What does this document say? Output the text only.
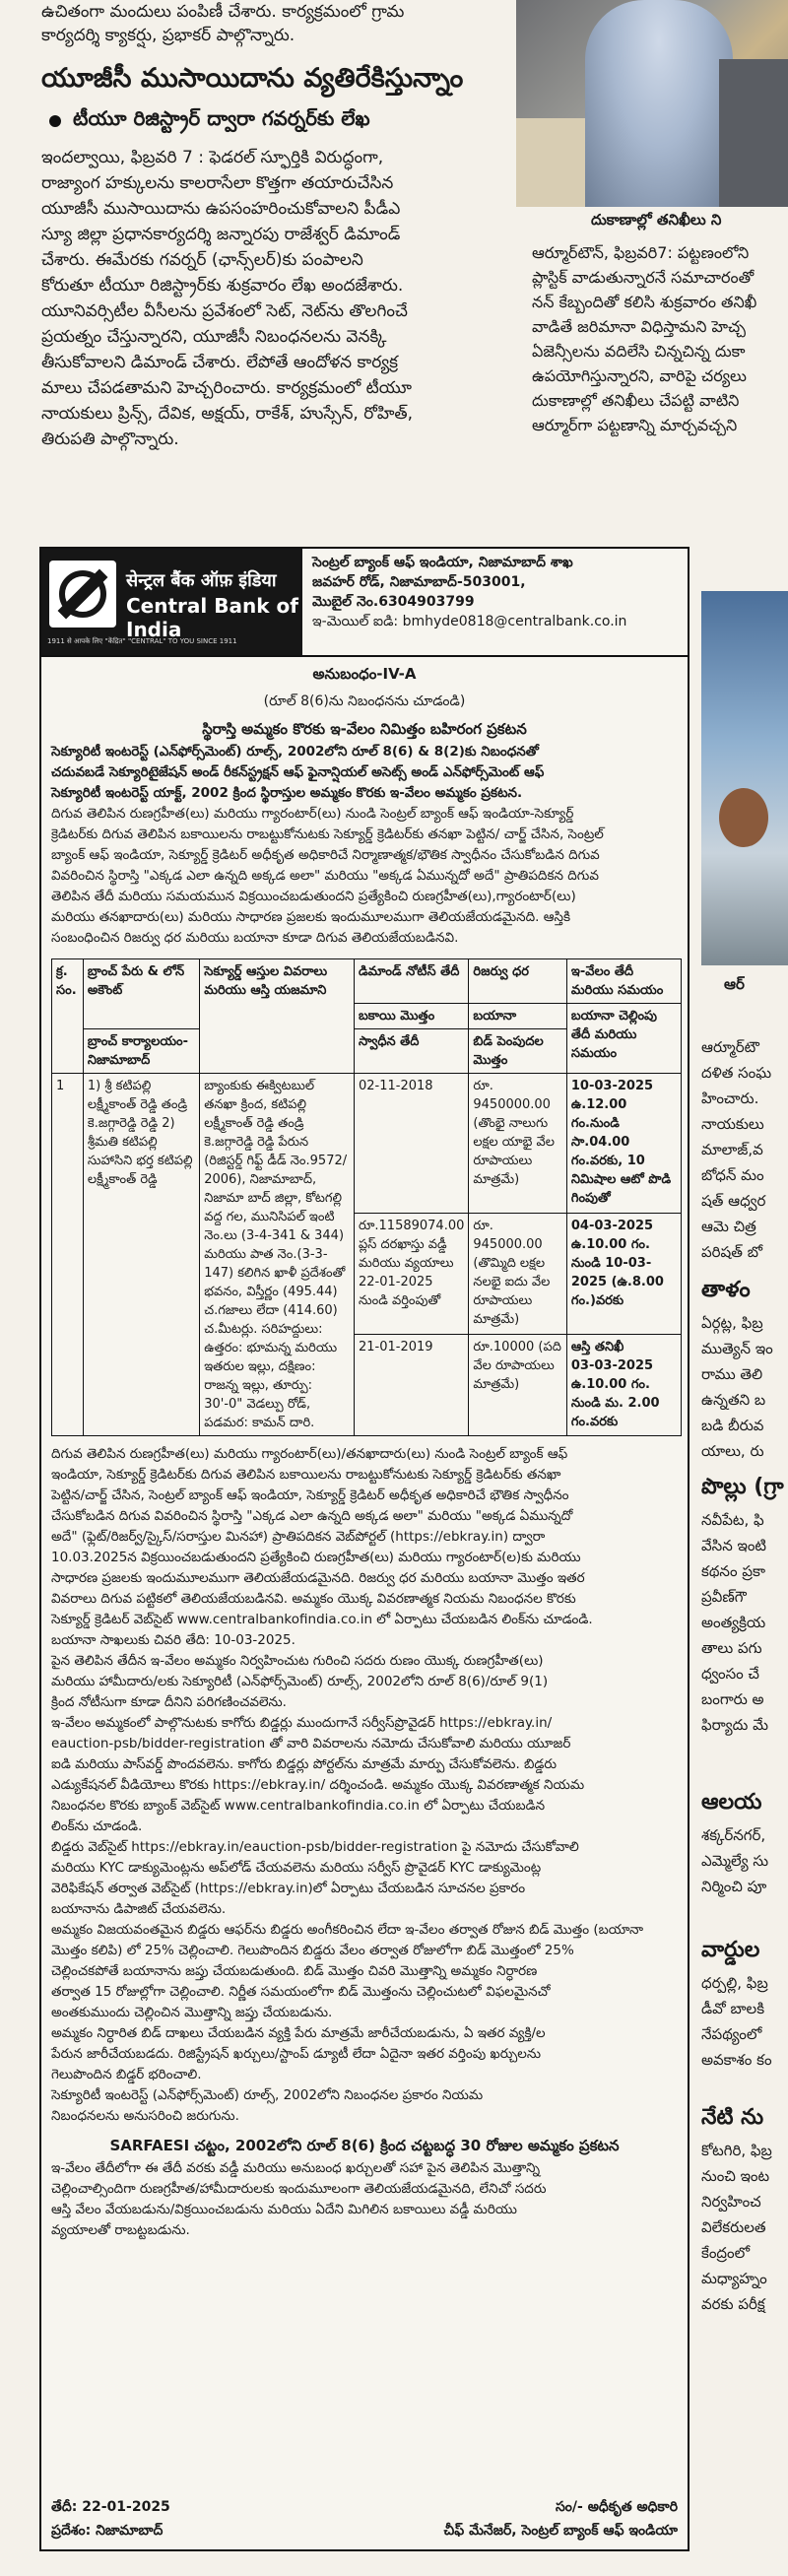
ఉచితంగా మందులు పంపిణీ చేశారు. కార్యక్రమంలో గ్రామ
కార్యదర్శి క్యాకర్షు, ప్రభాకర్ పాల్గొన్నారు.
యూజీసీ ముసాయిదాను వ్యతిరేకిస్తున్నాం
టీయూ రిజిస్ట్రార్ ద్వారా గవర్నర్‌కు లేఖ
ఇందల్వాయి, ఫిబ్రవరి 7 : ఫెడరల్ స్ఫూర్తికి విరుద్ధంగా,
రాజ్యాంగ హక్కులను కాలరాసేలా కొత్తగా తయారుచేసిన
యూజీసీ ముసాయిదాను ఉపసంహరించుకోవాలని పీడీఎ
స్యూ జిల్లా ప్రధానకార్యదర్శి జన్నారపు రాజేశ్వర్ డిమాండ్
చేశారు. ఈమేరకు గవర్నర్ (ఛాన్స్‌లర్)కు పంపాలని
కోరుతూ టీయూ రిజిస్ట్రార్‌కు శుక్రవారం లేఖ అందజేశారు.
యూనివర్సిటీల వీసీలను ప్రవేశంలో సెట్, నెట్‌ను తొలగించే
ప్రయత్నం చేస్తున్నారని, యూజీసీ నిబంధనలను వెనక్కి
తీసుకోవాలని డిమాండ్ చేశారు. లేపోతే ఆందోళన కార్యక్ర
మాలు చేపడతామని హెచ్చరించారు. కార్యక్రమంలో టీయూ
నాయకులు ప్రిన్స్, దేవిక, అక్షయ్, రాకేశ్, హుస్సేన్, రోహిత్,
తిరుపతి పాల్గొన్నారు.
దుకాణాల్లో తనిఖీలు ని
ఆర్మూర్‌టౌన్, ఫిబ్రవరి7: పట్టణంలోని
ప్లాస్టిక్ వాడుతున్నారనే సమాచారంతో
నన్ కేబ్బందితో కలిసి శుక్రవారం తనిఖీ
వాడితే జరిమానా విధిస్తామని హెచ్చ
ఏజెన్సీలను వదిలేసి చిన్నచిన్న దుకా
ఉపయోగిస్తున్నారని, వారిపై చర్యలు
దుకాణాల్లో తనిఖీలు చేపట్టి వాటిని
ఆర్మూర్‌గా పట్టణాన్ని మార్చవచ్చని
ఆర్
ఆర్మూర్‌టౌ
దళిత సంఘ
హించారు.
నాయకులు
మాలాజ్,వ
బోధన్ మం
షత్ ఆధ్వర
ఆమె చిత్ర
పరిషత్ బో
తాళం
ఏర్గట్ల, ఫిబ్ర
ముత్యెన్ ఇం
రాము తెలి
ఉన్నతని బ
బడి బీరువ
యాలు, రు
పొల్లు (గ్రా
నవీపేట, ఫి
వేసిన ఇంటి
కథనం ప్రకా
ప్రవీణ్‌గౌ
అంత్యక్రియ
తాలు పగు
ధ్వంసం చే
బంగారు అ
ఫిర్యాదు మే
ఆలయ
శక్కర్‌నగర్,
ఎమ్మెల్యే సు
నిర్మించి పూ
వార్డుల
ధర్పల్లి, ఫిబ్ర
డీవో బాలకి
నేపథ్యంలో
అవకాశం కం
నేటి ను
కోటగిరి, ఫిబ్ర
నుంచి ఇంట
నిర్వహించ
విలేకరులత
కేంద్రంలో
మధ్యాహ్నం
వరకు పరీక్ష
सेन्ट्रल बैंक ऑफ़ इंडिया
Central Bank of India
1911 से आपके लिए "केंद्रित" "CENTRAL" TO YOU SINCE 1911
సెంట్రల్ బ్యాంక్ ఆఫ్ ఇండియా, నిజామాబాద్ శాఖ
జవహర్ రోడ్, నిజామాబాద్-503001,
మొబైల్ నెం.6304903799
ఇ-మెయిల్ ఐడి: bmhyde0818@centralbank.co.in
అనుబంధం-IV-A
(రూల్ 8(6)ను నిబంధనను చూడండి)
స్థిరాస్తి అమ్మకం కొరకు ఇ-వేలం నిమిత్తం బహిరంగ ప్రకటన
సెక్యూరిటీ ఇంటరెస్ట్ (ఎన్‌ఫోర్స్‌మెంట్) రూల్స్, 2002లోని రూల్ 8(6) & 8(2)కు నిబంధనతో
చదువబడే సెక్యూరిటైజేషన్ అండ్ రీకన్‌స్ట్రక్షన్ ఆఫ్ ఫైనాన్షియల్ అసెట్స్ అండ్ ఎన్‌ఫోర్స్‌మెంట్ ఆఫ్
సెక్యూరిటీ ఇంటరెస్ట్ యాక్ట్, 2002 క్రింద స్థిరాస్తుల అమ్మకం కొరకు ఇ-వేలం అమ్మకం ప్రకటన.
దిగువ తెలిపిన రుణగ్రహీత(లు) మరియు గ్యారంటార్(లు) నుండి సెంట్రల్ బ్యాంక్ ఆఫ్ ఇండియా-సెక్యూర్డ్
క్రెడిటర్‌కు దిగువ తెలిపిన బకాయిలను రాబట్టుకోనుటకు సెక్యూర్డ్ క్రెడిటర్‌కు తనఖా పెట్టిన/ చార్జ్ చేసిన, సెంట్రల్
బ్యాంక్ ఆఫ్ ఇండియా, సెక్యూర్డ్ క్రెడిటర్ అధీకృత అధికారిచే నిర్మాణాత్మక/భౌతిక స్వాధీనం చేసుకోబడిన దిగువ
వివరించిన స్థిరాస్తి "ఎక్కడ ఎలా ఉన్నది అక్కడ అలా" మరియు "అక్కడ ఏమున్నదో అదే" ప్రాతిపదికన దిగువ
తెలిపిన తేదీ మరియు సమయమున విక్రయించబడుతుందని ప్రత్యేకించి రుణగ్రహీత(లు),గ్యారంటార్(లు)
మరియు తనఖాదారు(లు) మరియు సాధారణ ప్రజలకు ఇందుమూలముగా తెలియజేయడమైనది. ఆస్తికి
సంబంధించిన రిజర్వు ధర మరియు బయానా కూడా దిగువ తెలియజేయబడినవి.
క్ర. సం.	బ్రాంచ్ పేరు & లోన్ అకౌంట్	సెక్యూర్డ్ ఆస్తుల వివరాలు మరియు ఆస్తి యజమాని	డిమాండ్ నోటీస్ తేదీ	రిజర్వు ధర	ఇ-వేలం తేదీ మరియు సమయం
			బకాయి మొత్తం	బయానా	బయానా చెల్లింపు తేదీ మరియు సమయం
	బ్రాంచ్ కార్యాలయం-నిజామాబాద్		స్వాధీన తేదీ	బిడ్ పెంపుదల మొత్తం	
1	1) శ్రీ కటిపల్లి లక్ష్మీకాంత్ రెడ్డి తండ్రి కె.జగ్గారెడ్డి రెడ్డి 2) శ్రీమతి కటిపల్లి సుహాసిని భర్త కటిపల్లి లక్ష్మీకాంత్ రెడ్డి	బ్యాంకుకు ఈక్విటబుల్ తనఖా క్రింద, కటిపల్లి లక్ష్మీకాంత్ రెడ్డి తండ్రి కె.జగ్గారెడ్డి రెడ్డి పేరున (రిజిస్టర్డ్ గిఫ్ట్ డీడ్ నెం.9572/ 2006), నిజామాబాద్, నిజామా బాద్ జిల్లా, కోటగల్లి వద్ద గల, మునిసిపల్ ఇంటి నెం.లు (3-4-341 & 344) మరియు పాత నెం.(3-3-147) కలిగిన ఖాళీ ప్రదేశంతో భవనం, విస్తీర్ణం (495.44) చ.గజాలు లేదా (414.60) చ.మీటర్లు. సరిహద్దులు: ఉత్తరం: భూమన్న మరియు ఇతరుల ఇల్లు, దక్షిణం: రాజన్న ఇల్లు, తూర్పు: 30'-0" వెడల్పు రోడ్, పడమర: కామన్ దారి.	02-11-2018	రూ. 9450000.00 (తొంభై నాలుగు లక్షల యాభై వేల రూపాయలు మాత్రమే)	10-03-2025 ఉ.12.00 గం.నుండి సా.04.00 గం.వరకు, 10 నిమిషాల ఆటో పొడి గింపుతో
			రూ.11589074.00 ప్లస్ దరఖాస్తు వడ్డీ మరియు వ్యయాలు 22-01-2025 నుండి వర్తింపుతో	రూ. 945000.00 (తొమ్మిది లక్షల నలభై ఐదు వేల రూపాయలు మాత్రమే)	04-03-2025 ఉ.10.00 గం. నుండి 10-03-2025 (ఉ.8.00 గం.)వరకు
			21-01-2019	రూ.10000 (పది వేల రూపాయలు మాత్రమే)	ఆస్తి తనిఖీ
03-03-2025 ఉ.10.00 గం. నుండి మ. 2.00 గం.వరకు
దిగువ తెలిపిన రుణగ్రహీత(లు) మరియు గ్యారంటార్(లు)/తనఖాదారు(లు) నుండి సెంట్రల్ బ్యాంక్ ఆఫ్
ఇండియా, సెక్యూర్డ్ క్రెడిటర్‌కు దిగువ తెలిపిన బకాయిలను రాబట్టుకోనుటకు సెక్యూర్డ్ క్రెడిటర్‌కు తనఖా
పెట్టిన/చార్జ్ చేసిన, సెంట్రల్ బ్యాంక్ ఆఫ్ ఇండియా, సెక్యూర్డ్ క్రెడిటర్ అధీకృత అధికారిచే భౌతిక స్వాధీనం
చేసుకోబడిన దిగువ వివరించిన స్థిరాస్తి "ఎక్కడ ఎలా ఉన్నది అక్కడ అలా" మరియు "అక్కడ ఏమున్నదో
అదే" (ఫ్లెట్/రిజర్వ్/స్కైస్/సరాస్తుల మినహా) ప్రాతిపదికన వెబ్‌పోర్టల్ (https://ebkray.in) ద్వారా
10.03.2025న విక్రయించబడుతుందని ప్రత్యేకించి రుణగ్రహీత(లు) మరియు గ్యారంటార్(ల)కు మరియు
సాధారణ ప్రజలకు ఇందుమూలముగా తెలియజేయడమైనది. రిజర్వు ధర మరియు బయానా మొత్తం ఇతర
వివరాలు దిగువ పట్టికలో తెలియజేయబడినవి. అమ్మకం యొక్క వివరణాత్మక నియమ నిబంధనల కొరకు
సెక్యూర్డ్ క్రెడిటర్ వెబ్‌సైట్ www.centralbankofindia.co.in లో ఏర్పాటు చేయబడిన లింక్‌ను చూడండి.
బయానా సాఖలుకు చివరి తేది: 10-03-2025.
పైన తెలిపిన తేదీన ఇ-వేలం అమ్మకం నిర్వహించుట గురించి సదరు రుణం యొక్క రుణగ్రహీత(లు)
మరియు హామీదారు/లకు సెక్యూరిటీ (ఎన్‌ఫోర్స్‌మెంట్) రూల్స్, 2002లోని రూల్ 8(6)/రూల్ 9(1)
క్రింద నోటీసుగా కూడా దీనిని పరిగణించవలెను.
ఇ-వేలం అమ్మకంలో పాల్గొనుటకు కాగోరు బిడ్డర్లు ముందుగానే సర్వీస్‌ప్రొవైడర్ https://ebkray.in/
eauction-psb/bidder-registration తో వారి వివరాలను నమోదు చేసుకోవాలి మరియు యూజర్
ఐడి మరియు పాస్‌వర్డ్ పొందవలెను. కాగోరు బిడ్డర్లు పోర్టల్‌ను మాత్రమే మార్పు చేసుకోవలెను. బిడ్డరు
ఎడ్యుకేషనల్ వీడియోలు కొరకు https://ebkray.in/ దర్శించండి. అమ్మకం యొక్క వివరణాత్మక నియమ
నిబంధనల కొరకు బ్యాంక్ వెబ్‌సైట్ www.centralbankofindia.co.in లో ఏర్పాటు చేయబడిన
లింక్‌ను చూడండి.
బిడ్డరు వెబ్‌సైట్ https://ebkray.in/eauction-psb/bidder-registration పై నమోదు చేసుకోవాలి
మరియు KYC డాక్యుమెంట్లను అప్‌లోడ్ చేయవలెను మరియు సర్వీస్ ప్రొవైడర్ KYC డాక్యుమెంట్ల
వెరిఫికేషన్ తర్వాత వెబ్‌సైట్ (https://ebkray.in)లో ఏర్పాటు చేయబడిన సూచనల ప్రకారం
బయానాను డిపాజిట్ చేయవలెను.
అమ్మకం విజయవంతమైన బిడ్డరు ఆఫర్‌ను బిడ్డరు అంగీకరించిన లేదా ఇ-వేలం తర్వాత రోజున బిడ్ మొత్తం (బయానా
మొత్తం కలిపి) లో 25% చెల్లించాలి. గెలుపొందిన బిడ్డరు వేలం తర్వాత రోజులోగా బిడ్ మొత్తంలో 25%
చెల్లించకపోతే బయానాను జప్తు చేయబడుతుంది. బిడ్ మొత్తం చివరి మొత్తాన్ని అమ్మకం నిర్ధారణ
తర్వాత 15 రోజుల్లోగా చెల్లించాలి. నిర్ణీత సమయంలోగా బిడ్ మొత్తంను చెల్లించుటలో విఫలమైనచో
అంతకుముందు చెల్లించిన మొత్తాన్ని జప్తు చేయబడును.
అమ్మకం నిర్ధారిత బిడ్ దాఖలు చేయబడిన వ్యక్తి పేరు మాత్రమే జారీచేయబడును, ఏ ఇతర వ్యక్తి/ల
పేరున జారీచేయబడదు. రిజిస్ట్రేషన్ ఖర్చులు/స్టాంప్ డ్యూటీ లేదా ఏదైనా ఇతర వర్తింపు ఖర్చులను
గెలుపొందిన బిడ్డర్ భరించాలి.
సెక్యూరిటీ ఇంటరెస్ట్ (ఎన్‌ఫోర్స్‌మెంట్) రూల్స్, 2002లోని నిబంధనల ప్రకారం నియమ
నిబంధనలను అనుసరించి జరుగును.
SARFAESI చట్టం, 2002లోని రూల్ 8(6) క్రింద చట్టబద్ధ 30 రోజుల అమ్మకం ప్రకటన
ఇ-వేలం తేదీలోగా ఈ తేదీ వరకు వడ్డీ మరియు అనుబంధ ఖర్చులతో సహా పైన తెలిపిన మొత్తాన్ని
చెల్లించాల్సిందిగా రుణగ్రహీత/హామీదారులకు ఇందుమూలంగా తెలియజేయడమైనది, లేనిచో సదరు
ఆస్తి వేలం వేయబడును/విక్రయించబడును మరియు ఏదేని మిగిలిన బకాయిలు వడ్డీ మరియు
వ్యయాలతో రాబట్టబడును.
తేదీ: 22-01-2025	సం/- అధీకృత అధికారి
ప్రదేశం: నిజామాబాద్	చీఫ్ మేనేజర్, సెంట్రల్ బ్యాంక్ ఆఫ్ ఇండియా
